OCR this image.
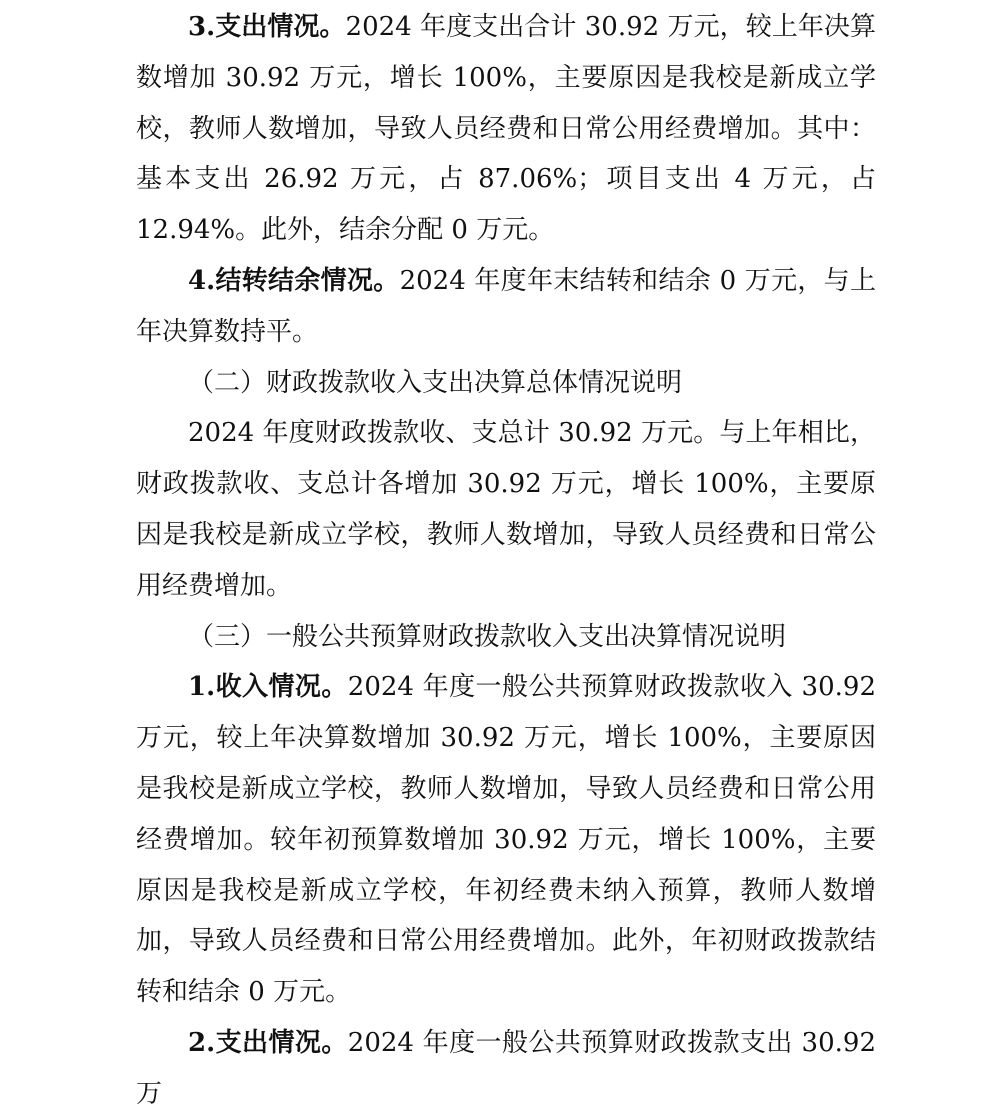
3.支出情况。2024 年度支出合计 30.92 万元，较上年决算数增加 30.92 万元，增长 100%，主要原因是我校是新成立学校，教师人数增加，导致人员经费和日常公用经费增加。其中：基本支出 26.92 万元，占 87.06%；项目支出 4 万元，占 12.94%。此外，结余分配 0 万元。

4.结转结余情况。2024 年度年末结转和结余 0 万元，与上年决算数持平。

（二）财政拨款收入支出决算总体情况说明

2024 年度财政拨款收、支总计 30.92 万元。与上年相比，财政拨款收、支总计各增加 30.92 万元，增长 100%，主要原因是我校是新成立学校，教师人数增加，导致人员经费和日常公用经费增加。

（三）一般公共预算财政拨款收入支出决算情况说明

1.收入情况。2024 年度一般公共预算财政拨款收入 30.92 万元，较上年决算数增加 30.92 万元，增长 100%，主要原因是我校是新成立学校，教师人数增加，导致人员经费和日常公用经费增加。较年初预算数增加 30.92 万元，增长 100%，主要原因是我校是新成立学校，年初经费未纳入预算，教师人数增加，导致人员经费和日常公用经费增加。此外，年初财政拨款结转和结余 0 万元。

2.支出情况。2024 年度一般公共预算财政拨款支出 30.92 万
